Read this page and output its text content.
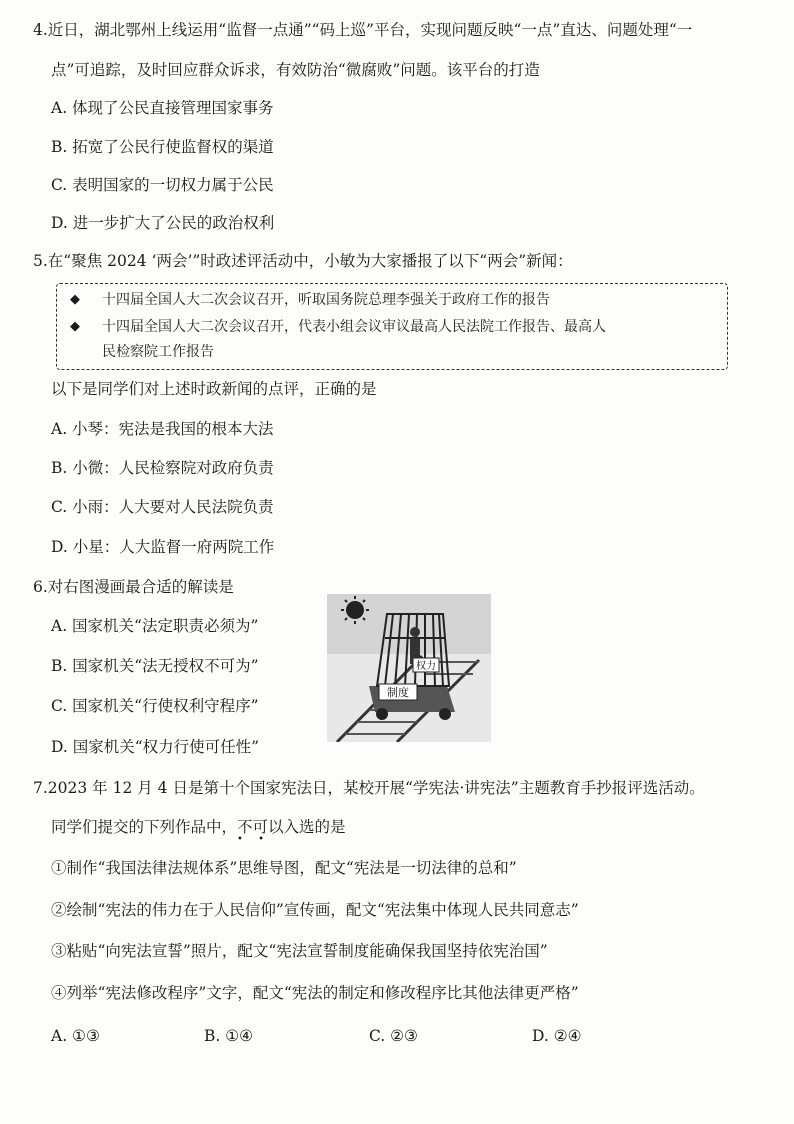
4.近日，湖北鄂州上线运用“监督一点通”“码上巡”平台，实现问题反映“一点”直达、问题处理“一
点”可追踪，及时回应群众诉求，有效防治“微腐败”问题。该平台的打造
A. 体现了公民直接管理国家事务
B. 拓宽了公民行使监督权的渠道
C. 表明国家的一切权力属于公民
D. 进一步扩大了公民的政治权利
5.在“聚焦 2024 ‘两会’”时政述评活动中，小敏为大家播报了以下“两会”新闻：
◆ 十四届全国人大二次会议召开，听取国务院总理李强关于政府工作的报告
◆ 十四届全国人大二次会议召开，代表小组会议审议最高人民法院工作报告、最高人
民检察院工作报告
以下是同学们对上述时政新闻的点评，正确的是
A. 小琴：宪法是我国的根本大法
B. 小微：人民检察院对政府负责
C. 小雨：人大要对人民法院负责
D. 小星：人大监督一府两院工作
6.对右图漫画最合适的解读是
A. 国家机关“法定职责必须为”
B. 国家机关“法无授权不可为”
C. 国家机关“行使权利守程序”
D. 国家机关“权力行使可任性”
权力
制度
7.2023 年 12 月 4 日是第十个国家宪法日，某校开展“学宪法·讲宪法”主题教育手抄报评选活动。
同学们提交的下列作品中，不可
• •
以入选的是
①制作“我国法律法规体系”思维导图，配文“宪法是一切法律的总和”
②绘制“宪法的伟力在于人民信仰”宣传画，配文“宪法集中体现人民共同意志”
③粘贴“向宪法宣誓”照片，配文“宪法宣誓制度能确保我国坚持依宪治国”
④列举“宪法修改程序”文字，配文“宪法的制定和修改程序比其他法律更严格”
A. ①③	B. ①④	C. ②③	D. ②④
